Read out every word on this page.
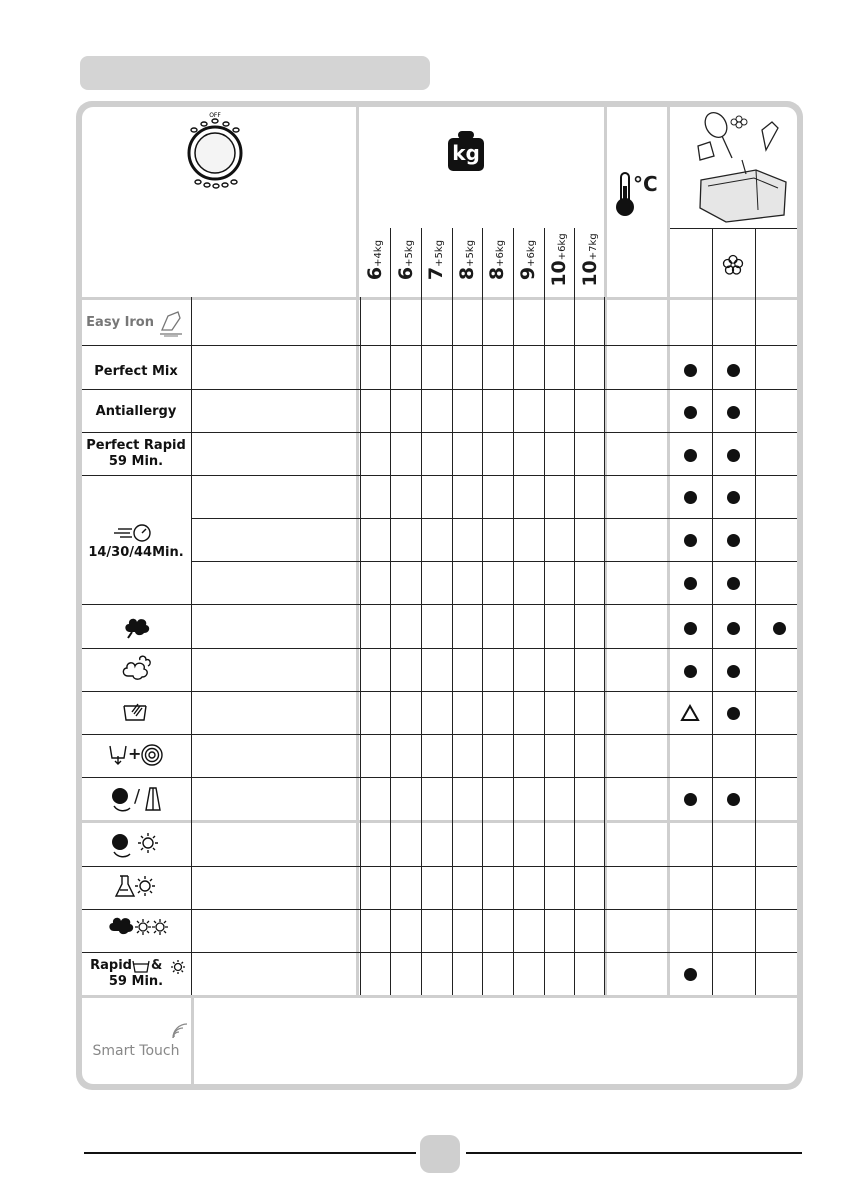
OFF
kg
°C
6+4kg
6+5kg
7+5kg
8+5kg
8+6kg
9+6kg
10+6kg
10+7kg
Easy Iron
Perfect Mix
Antiallergy
Perfect Rapid
59 Min.
14/30/44Min.
+
/
Rapid &
59 Min.
Smart Touch
